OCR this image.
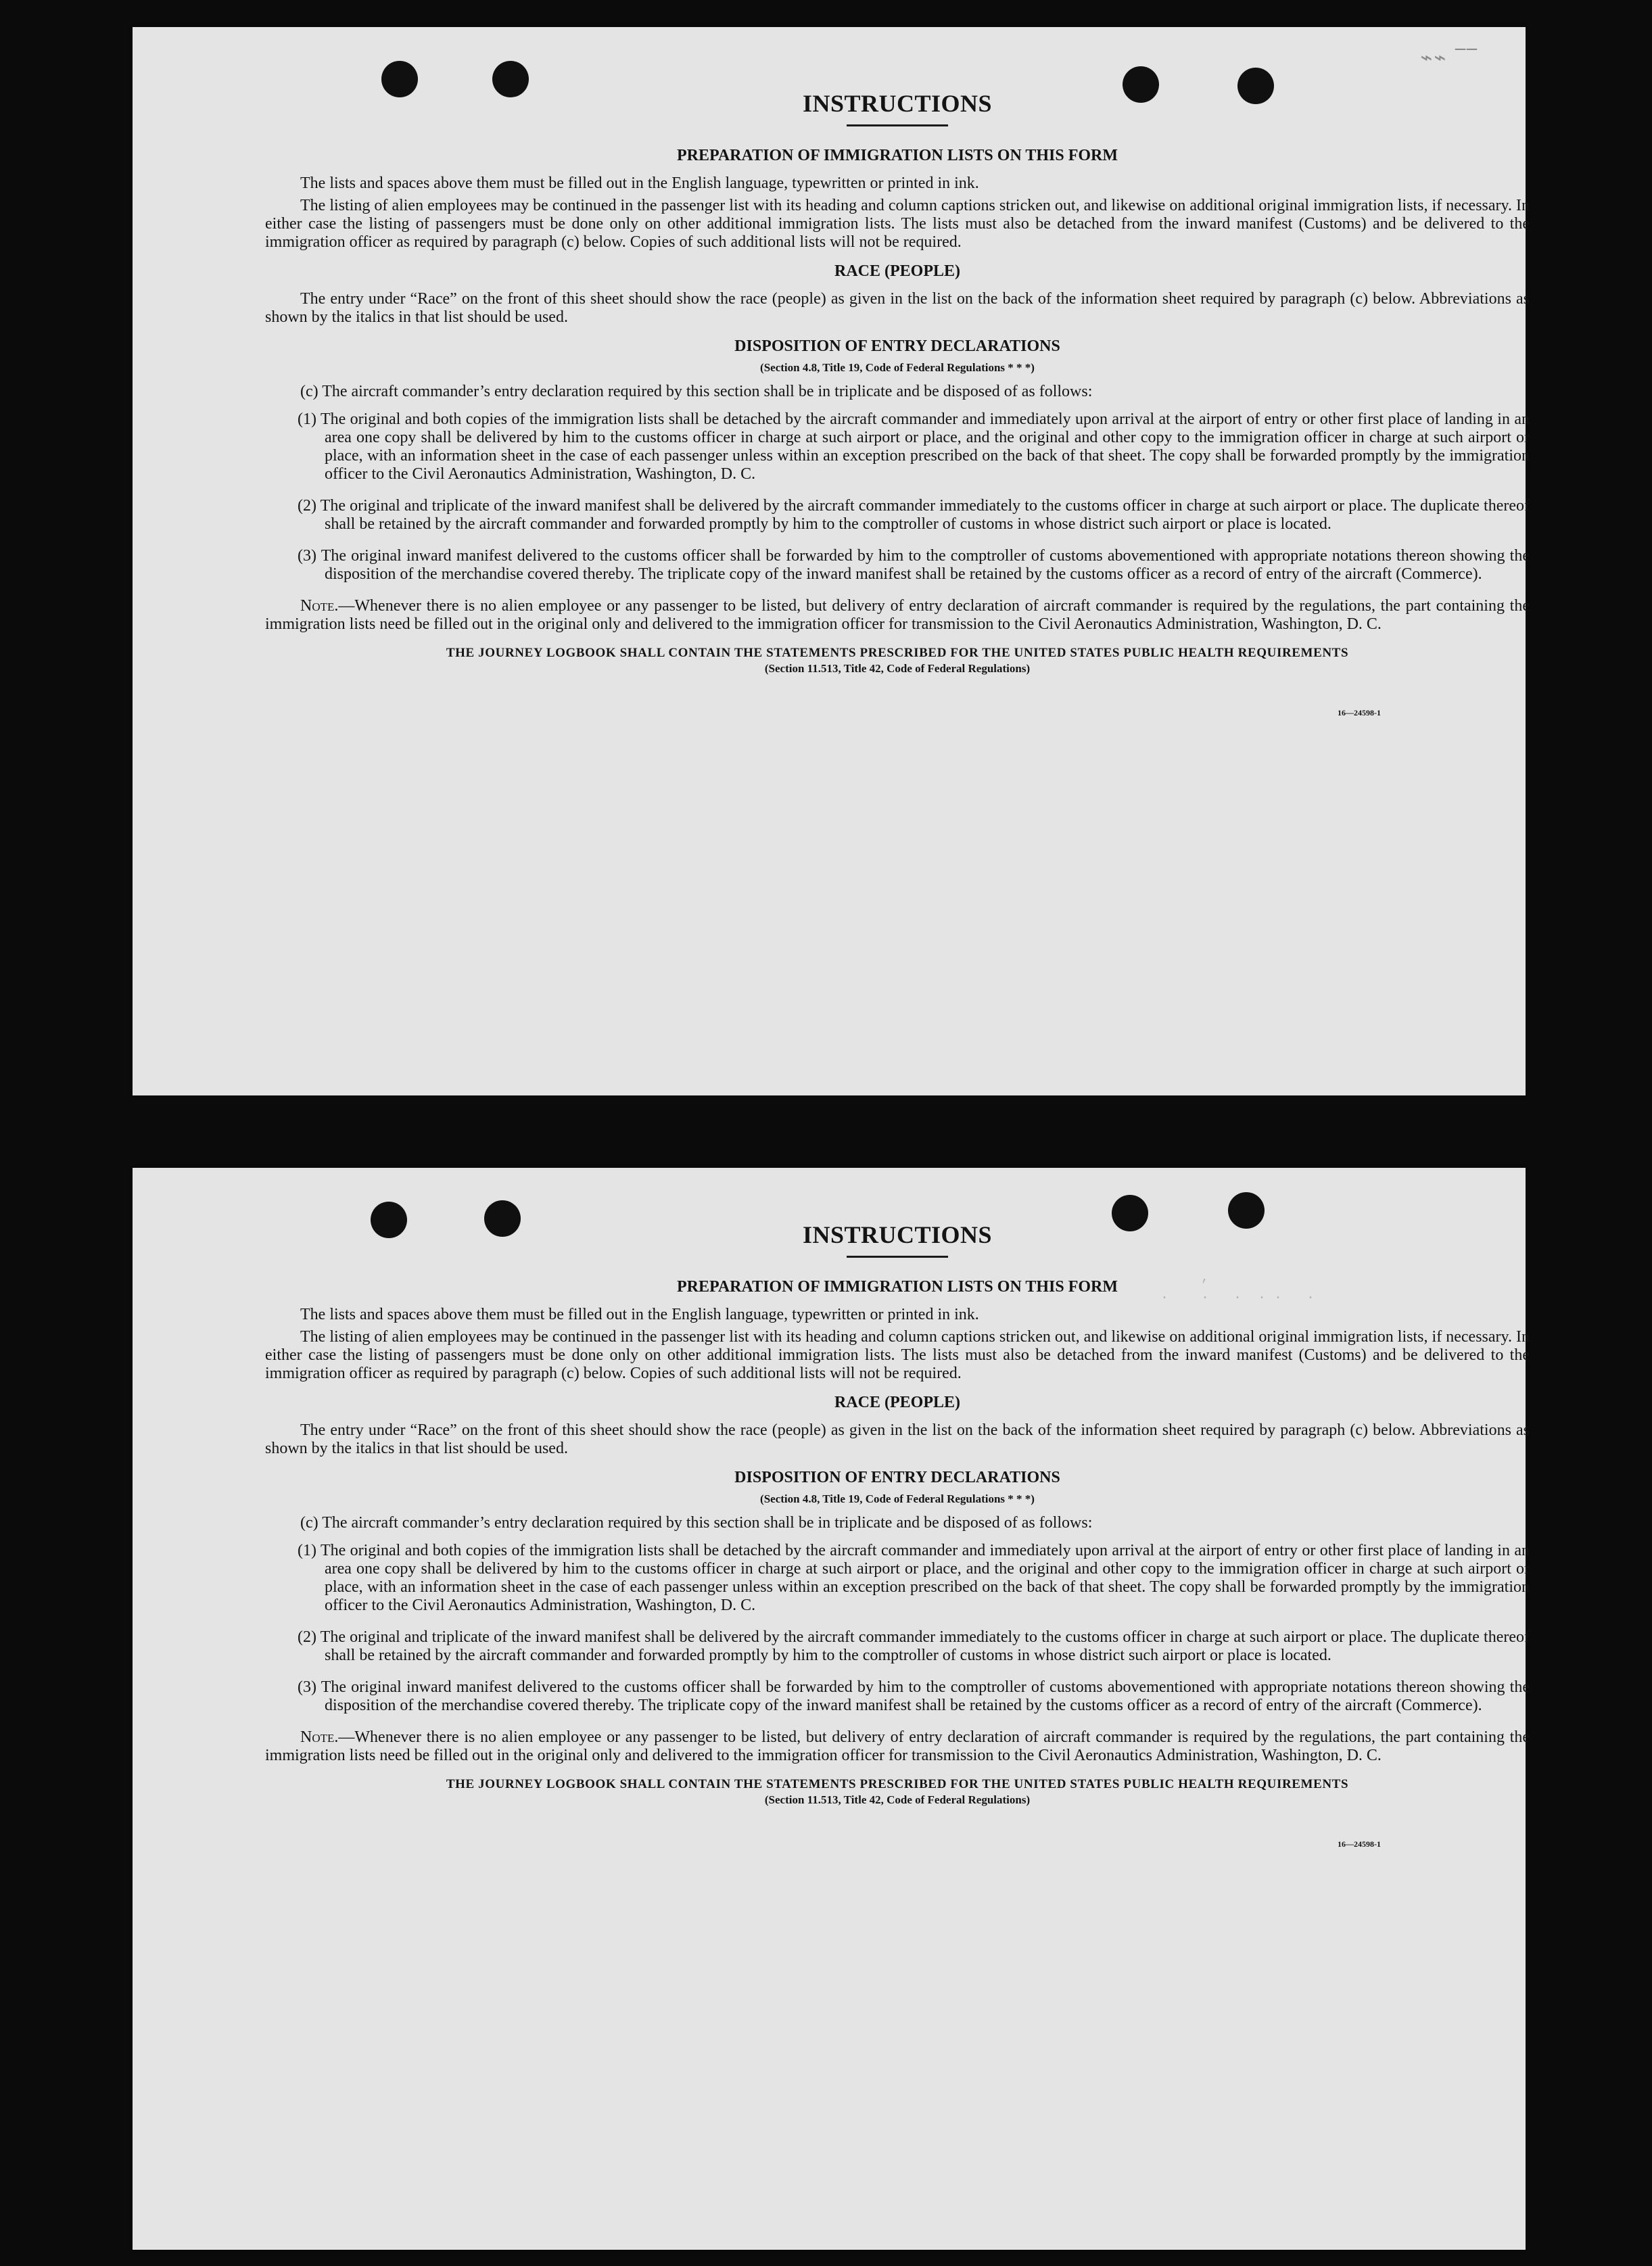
⌁⌁ ‾‾
INSTRUCTIONS
PREPARATION OF IMMIGRATION LISTS ON THIS FORM

The lists and spaces above them must be filled out in the English language, typewritten or printed in ink.

The listing of alien employees may be continued in the passenger list with its heading and column captions stricken out, and likewise on additional original immigration lists, if necessary. In either case the listing of passengers must be done only on other additional immigration lists. The lists must also be detached from the inward manifest (Customs) and be delivered to the immigration officer as required by paragraph (c) below. Copies of such additional lists will not be required.

RACE (PEOPLE)

The entry under “Race” on the front of this sheet should show the race (people) as given in the list on the back of the information sheet required by paragraph (c) below. Abbreviations as shown by the italics in that list should be used.

DISPOSITION OF ENTRY DECLARATIONS
(Section 4.8, Title 19, Code of Federal Regulations * * *)

(c) The aircraft commander’s entry declaration required by this section shall be in triplicate and be disposed of as follows:

(1) The original and both copies of the immigration lists shall be detached by the aircraft commander and immediately upon arrival at the airport of entry or other first place of landing in an area one copy shall be delivered by him to the customs officer in charge at such airport or place, and the original and other copy to the immigration officer in charge at such airport or place, with an information sheet in the case of each passenger unless within an exception prescribed on the back of that sheet. The copy shall be forwarded promptly by the immigration officer to the Civil Aeronautics Administration, Washington, D. C.

(2) The original and triplicate of the inward manifest shall be delivered by the aircraft commander immediately to the customs officer in charge at such airport or place. The duplicate thereof shall be retained by the aircraft commander and forwarded promptly by him to the comptroller of customs in whose district such airport or place is located.

(3) The original inward manifest delivered to the customs officer shall be forwarded by him to the comptroller of customs abovementioned with appropriate notations thereon showing the disposition of the merchandise covered thereby. The triplicate copy of the inward manifest shall be retained by the customs officer as a record of entry of the aircraft (Commerce).

Note.—Whenever there is no alien employee or any passenger to be listed, but delivery of entry declaration of aircraft commander is required by the regulations, the part containing the immigration lists need be filled out in the original only and delivered to the immigration officer for transmission to the Civil Aeronautics Administration, Washington, D. C.

THE JOURNEY LOGBOOK SHALL CONTAIN THE STATEMENTS PRESCRIBED FOR THE UNITED STATES PUBLIC HEALTH REQUIREMENTS
(Section 11.513, Title 42, Code of Federal Regulations)
16—24598-1
,
.    .   .  . .   .

INSTRUCTIONS
PREPARATION OF IMMIGRATION LISTS ON THIS FORM

The lists and spaces above them must be filled out in the English language, typewritten or printed in ink.

The listing of alien employees may be continued in the passenger list with its heading and column captions stricken out, and likewise on additional original immigration lists, if necessary. In either case the listing of passengers must be done only on other additional immigration lists. The lists must also be detached from the inward manifest (Customs) and be delivered to the immigration officer as required by paragraph (c) below. Copies of such additional lists will not be required.

RACE (PEOPLE)

The entry under “Race” on the front of this sheet should show the race (people) as given in the list on the back of the information sheet required by paragraph (c) below. Abbreviations as shown by the italics in that list should be used.

DISPOSITION OF ENTRY DECLARATIONS
(Section 4.8, Title 19, Code of Federal Regulations * * *)

(c) The aircraft commander’s entry declaration required by this section shall be in triplicate and be disposed of as follows:

(1) The original and both copies of the immigration lists shall be detached by the aircraft commander and immediately upon arrival at the airport of entry or other first place of landing in an area one copy shall be delivered by him to the customs officer in charge at such airport or place, and the original and other copy to the immigration officer in charge at such airport or place, with an information sheet in the case of each passenger unless within an exception prescribed on the back of that sheet. The copy shall be forwarded promptly by the immigration officer to the Civil Aeronautics Administration, Washington, D. C.

(2) The original and triplicate of the inward manifest shall be delivered by the aircraft commander immediately to the customs officer in charge at such airport or place. The duplicate thereof shall be retained by the aircraft commander and forwarded promptly by him to the comptroller of customs in whose district such airport or place is located.

(3) The original inward manifest delivered to the customs officer shall be forwarded by him to the comptroller of customs abovementioned with appropriate notations thereon showing the disposition of the merchandise covered thereby. The triplicate copy of the inward manifest shall be retained by the customs officer as a record of entry of the aircraft (Commerce).

Note.—Whenever there is no alien employee or any passenger to be listed, but delivery of entry declaration of aircraft commander is required by the regulations, the part containing the immigration lists need be filled out in the original only and delivered to the immigration officer for transmission to the Civil Aeronautics Administration, Washington, D. C.

THE JOURNEY LOGBOOK SHALL CONTAIN THE STATEMENTS PRESCRIBED FOR THE UNITED STATES PUBLIC HEALTH REQUIREMENTS
(Section 11.513, Title 42, Code of Federal Regulations)
16—24598-1
